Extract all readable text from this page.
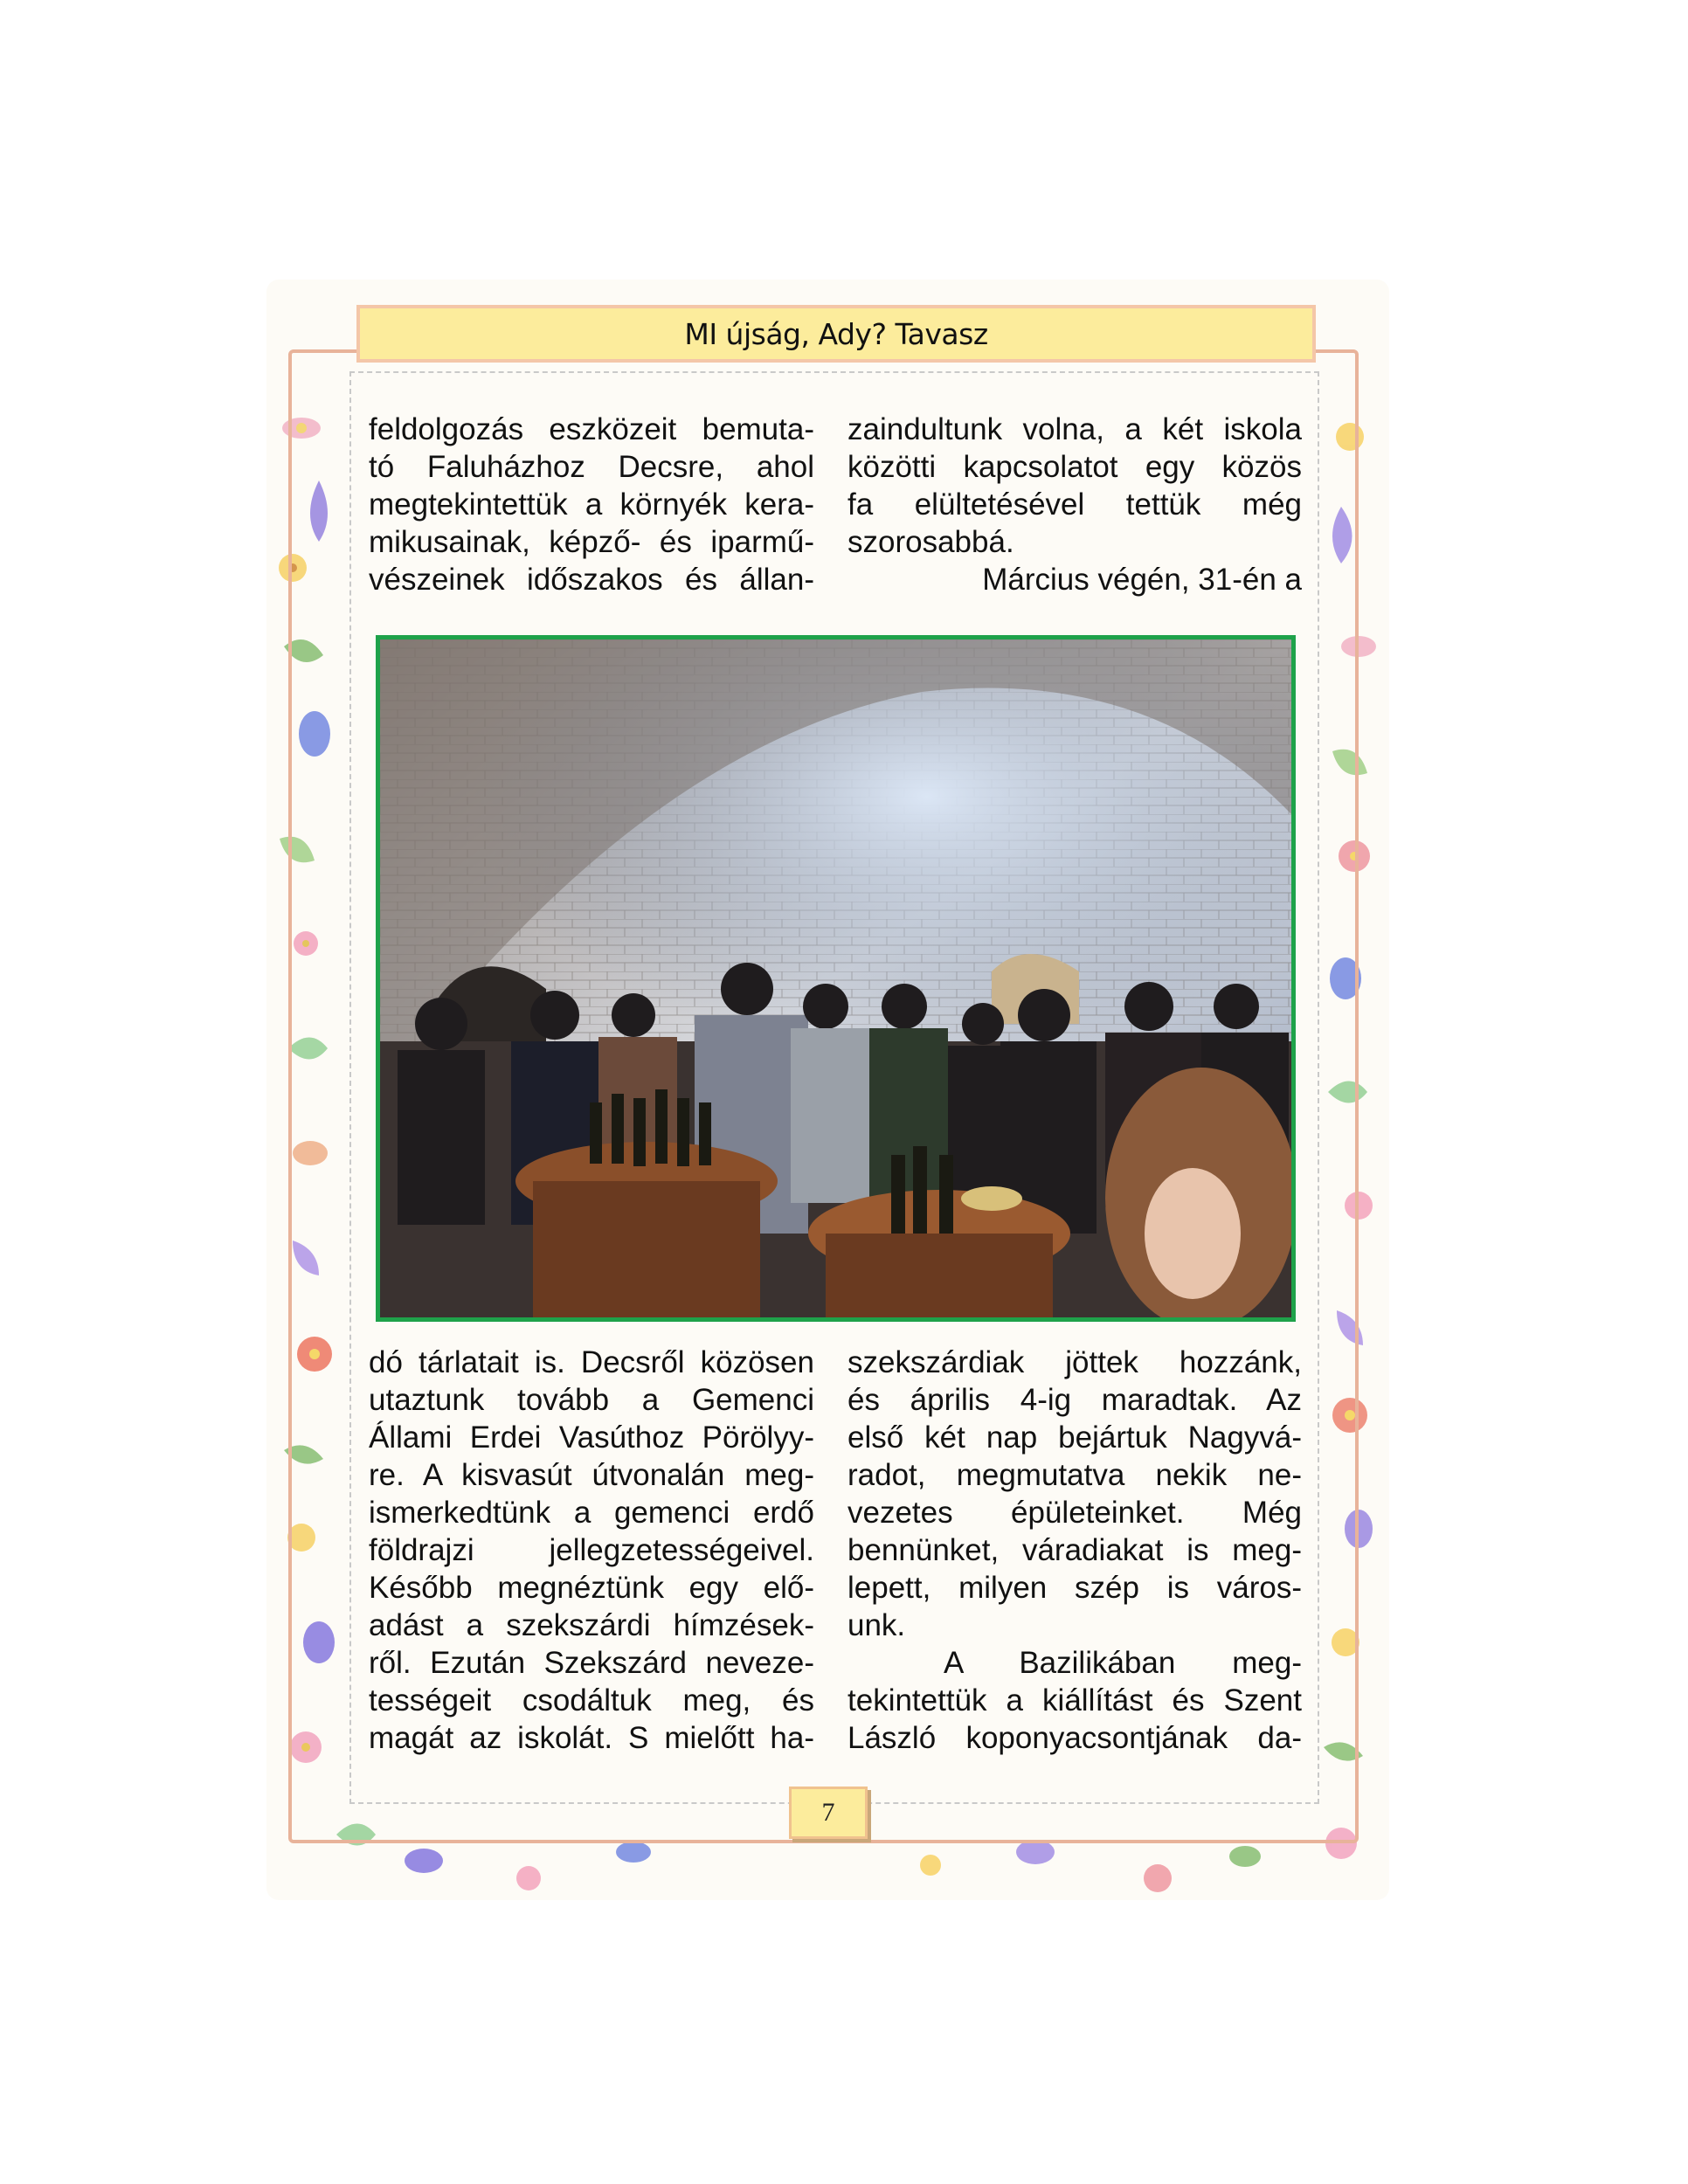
MI újság, Ady? Tavasz
feldolgozás eszközeit bemuta-
tó Faluházhoz Decsre, ahol
megtekintettük a környék kera-
mikusainak, képző- és iparmű-
vészeinek időszakos és állan-
zaindultunk volna, a két iskola
közötti kapcsolatot egy közös
fa elültetésével tettük még
szorosabbá.
Március végén, 31-én a
dó tárlatait is. Decsről közösen
utaztunk tovább a Gemenci
Állami Erdei Vasúthoz Pörölyy-
re. A kisvasút útvonalán meg-
ismerkedtünk a gemenci erdő
földrajzi jellegzetességeivel.
Később megnéztünk egy elő-
adást a szekszárdi hímzések-
ről. Ezután Szekszárd neveze-
tességeit csodáltuk meg, és
magát az iskolát. S mielőtt ha-
szekszárdiak jöttek hozzánk,
és április 4-ig maradtak. Az
első két nap bejártuk Nagyvá-
radot, megmutatva nekik ne-
vezetes épületeinket. Még
bennünket, váradiakat is meg-
lepett, milyen szép is város-
unk.
A Bazilikában meg-
tekintettük a kiállítást és Szent
László koponyacsontjának da-
7
